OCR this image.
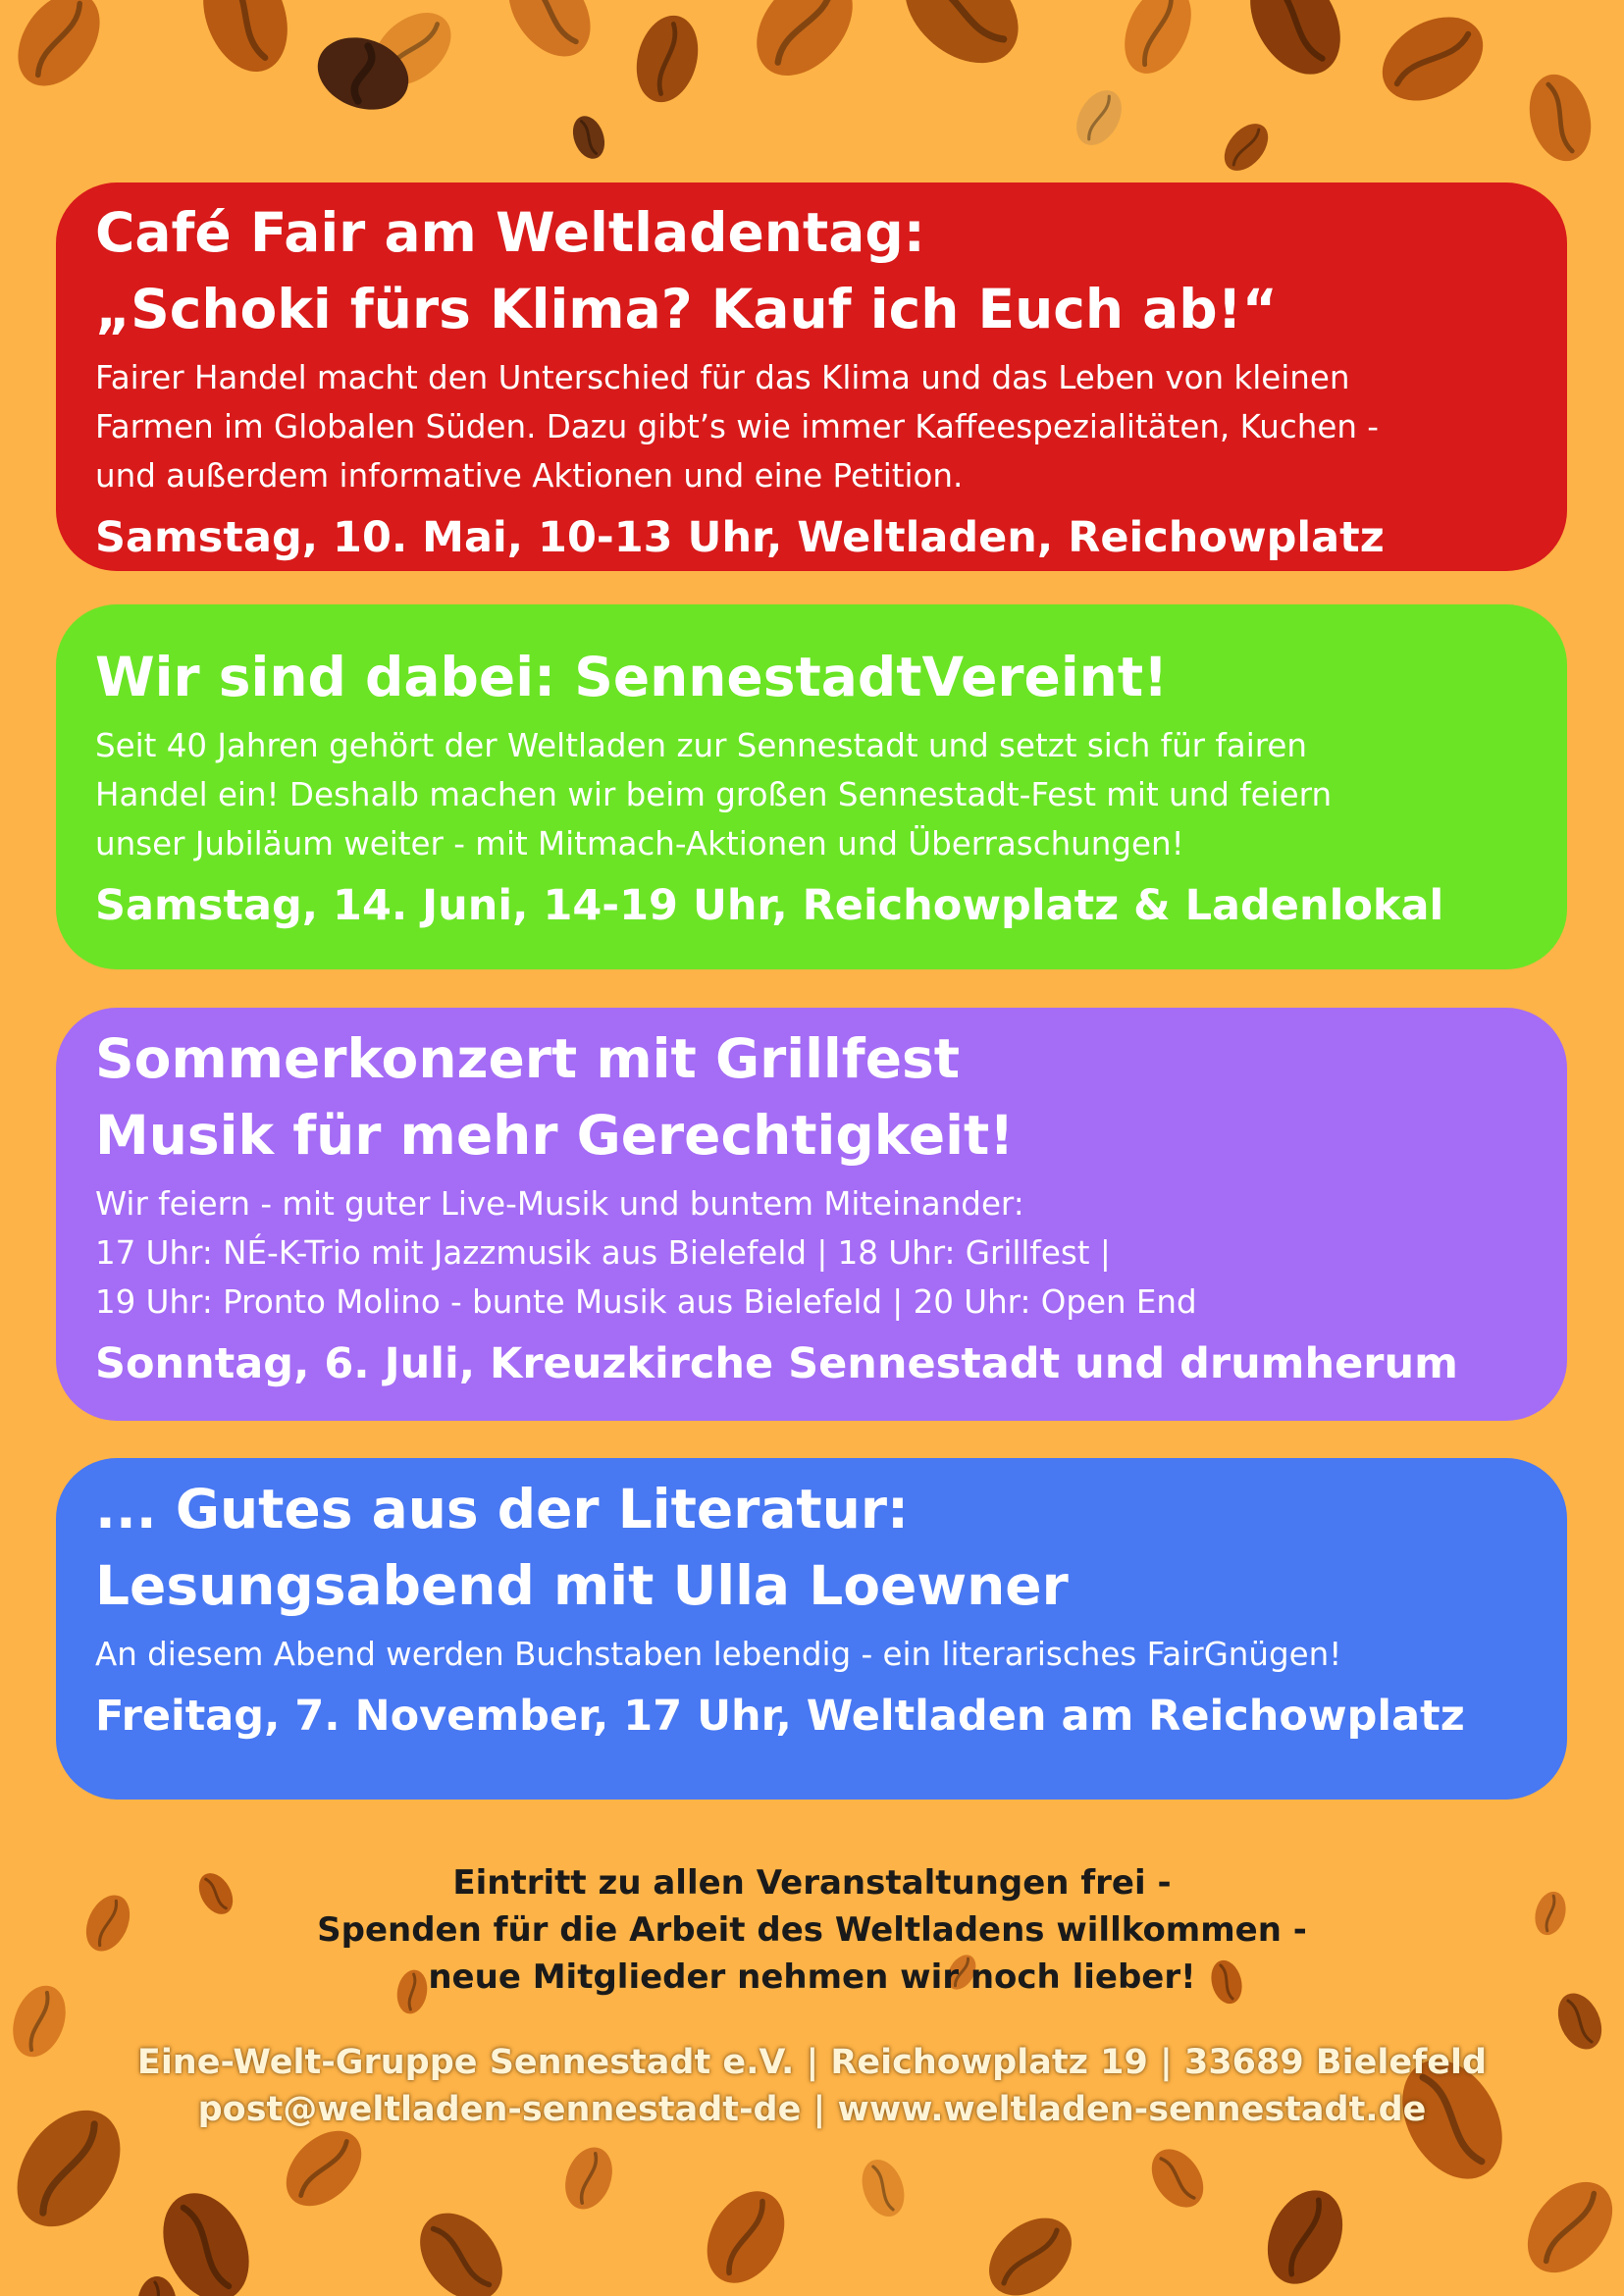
Café Fair am Weltladentag:
„Schoki fürs Klima? Kauf ich Euch ab!“

Fairer Handel macht den Unterschied für das Klima und das Leben von kleinen
Farmen im Globalen Süden. Dazu gibt’s wie immer Kaffeespezialitäten, Kuchen -
und außerdem informative Aktionen und eine Petition.

Samstag, 10. Mai, 10-13 Uhr, Weltladen, Reichowplatz

Wir sind dabei: SennestadtVereint!

Seit 40 Jahren gehört der Weltladen zur Sennestadt und setzt sich für fairen
Handel ein! Deshalb machen wir beim großen Sennestadt-Fest mit und feiern
unser Jubiläum weiter - mit Mitmach-Aktionen und Überraschungen!

Samstag, 14. Juni, 14-19 Uhr, Reichowplatz & Ladenlokal

Sommerkonzert mit Grillfest
Musik für mehr Gerechtigkeit!

Wir feiern - mit guter Live-Musik und buntem Miteinander:
17 Uhr: NÉ-K-Trio mit Jazzmusik aus Bielefeld | 18 Uhr: Grillfest |
19 Uhr: Pronto Molino - bunte Musik aus Bielefeld | 20 Uhr: Open End

Sonntag, 6. Juli, Kreuzkirche Sennestadt und drumherum

... Gutes aus der Literatur:
Lesungsabend mit Ulla Loewner

An diesem Abend werden Buchstaben lebendig - ein literarisches FairGnügen!

Freitag, 7. November, 17 Uhr, Weltladen am Reichowplatz

Eintritt zu allen Veranstaltungen frei -
Spenden für die Arbeit des Weltladens willkommen -
neue Mitglieder nehmen wir noch lieber!
Eine-Welt-Gruppe Sennestadt e.V. | Reichowplatz 19 | 33689 Bielefeld
post@weltladen-sennestadt-de | www.weltladen-sennestadt.de
